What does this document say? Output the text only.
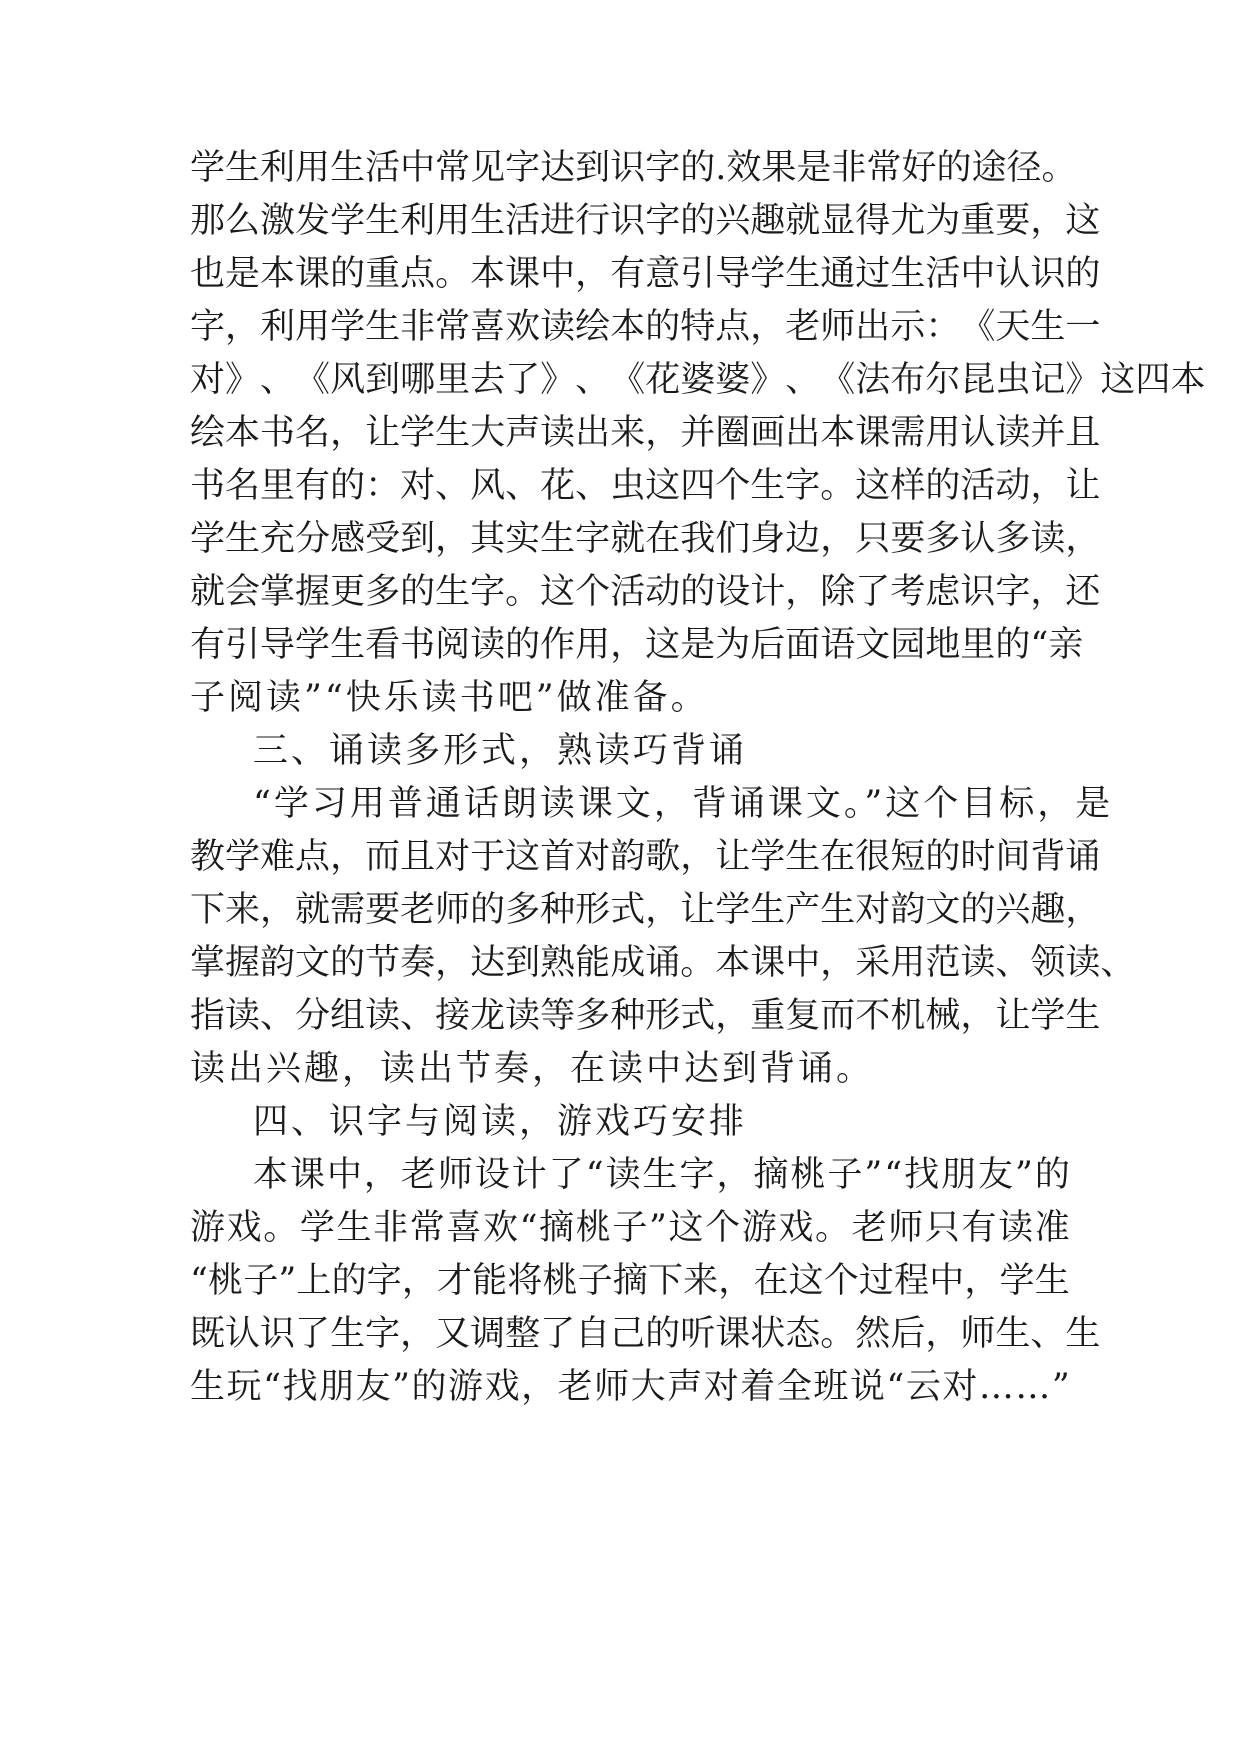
学 生 利 用 生 活 中 常 见 字 达 到 识 字 的 . 效 果 是 非 常 好 的 途 径 。
那 么 激 发 学 生 利 用 生 活 进 行 识 字 的 兴 趣 就 显 得 尤 为 重 要 ， 这
也 是 本 课 的 重 点 。 本 课 中 ， 有 意 引 导 学 生 通 过 生 活 中 认 识 的
字 ， 利 用 学 生 非 常 喜 欢 读 绘 本 的 特 点 ， 老 师 出 示 ： 《 天 生 一
对 》 、 《 风 到 哪 里 去 了 》 、 《 花 婆 婆 》 、 《 法 布 尔 昆 虫 记 》 这 四 本
绘 本 书 名 ， 让 学 生 大 声 读 出 来 ， 并 圈 画 出 本 课 需 用 认 读 并 且
书 名 里 有 的 ： 对 、 风 、 花 、 虫 这 四 个 生 字 。 这 样 的 活 动 ， 让
学 生 充 分 感 受 到 ， 其 实 生 字 就 在 我 们 身 边 ， 只 要 多 认 多 读 ，
就 会 掌 握 更 多 的 生 字 。 这 个 活 动 的 设 计 ， 除 了 考 虑 识 字 ， 还
有 引 导 学 生 看 书 阅 读 的 作 用 ， 这 是 为 后 面 语 文 园 地 里 的 “ 亲
子阅读”“快乐读书吧”做准备。
三、诵读多形式，熟读巧背诵
“学习用普通话朗读课文，背诵课文。”这个目标，是
教 学 难 点 ， 而 且 对 于 这 首 对 韵 歌 ， 让 学 生 在 很 短 的 时 间 背 诵
下 来 ， 就 需 要 老 师 的 多 种 形 式 ， 让 学 生 产 生 对 韵 文 的 兴 趣 ，
掌 握 韵 文 的 节 奏 ， 达 到 熟 能 成 诵 。 本 课 中 ， 采 用 范 读 、 领 读 、
指 读 、 分 组 读 、 接 龙 读 等 多 种 形 式 ， 重 复 而 不 机 械 ， 让 学 生
读出兴趣，读出节奏，在读中达到背诵。
四、识字与阅读，游戏巧安排
本 课 中 ， 老 师 设 计 了 “ 读 生 字 ， 摘 桃 子 ” “ 找 朋 友 ” 的
游 戏 。 学 生 非 常 喜 欢 “ 摘 桃 子 ” 这 个 游 戏 。 老 师 只 有 读 准
“ 桃 子 ” 上 的 字 ， 才 能 将 桃 子 摘 下 来 ， 在 这 个 过 程 中 ， 学 生
既 认 识 了 生 字 ， 又 调 整 了 自 己 的 听 课 状 态 。 然 后 ， 师 生 、 生
生 玩 “ 找 朋 友 ” 的 游 戏 ， 老 师 大 声 对 着 全 班 说 “ 云 对 … … ”
